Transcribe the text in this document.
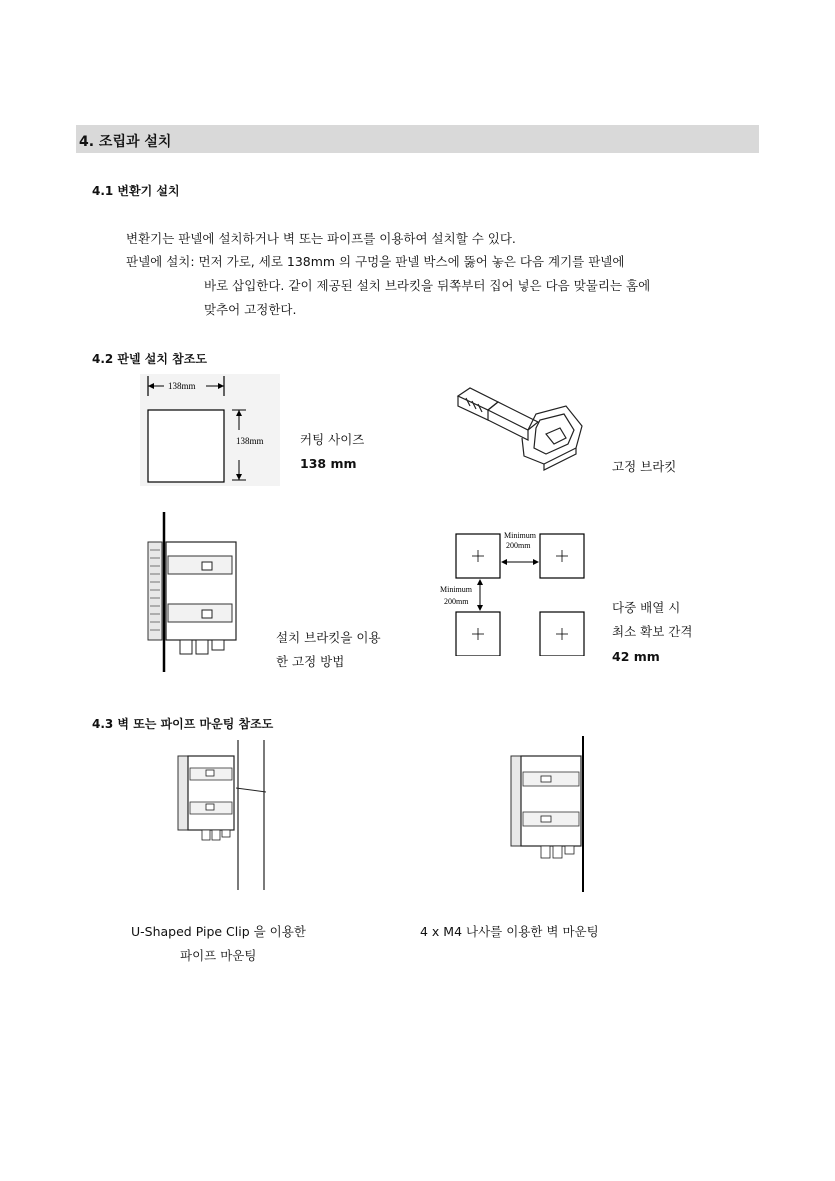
4. 조립과 설치
4.1 변환기 설치
변환기는 판넬에 설치하거나 벽 또는 파이프를 이용하여 설치할 수 있다.
판넬에 설치: 먼저 가로, 세로 138mm 의 구멍을 판넬 박스에 뚫어 놓은 다음 계기를 판넬에
바로 삽입한다. 같이 제공된 설치 브라킷을 뒤쪽부터 집어 넣은 다음 맞물리는 홈에
맞추어 고정한다.
4.2 판넬 설치 참조도
138mm
138mm	커팅 사이즈
138 mm	고정 브라킷
설치 브라킷을 이용
한 고정 방법
Minimum
200mm
Minimum
200mm	다중 배열 시
최소 확보 간격
42 mm
4.3 벽 또는 파이프 마운팅 참조도
U-Shaped Pipe Clip 을 이용한
파이프 마운팅
4 x M4 나사를 이용한 벽 마운팅
